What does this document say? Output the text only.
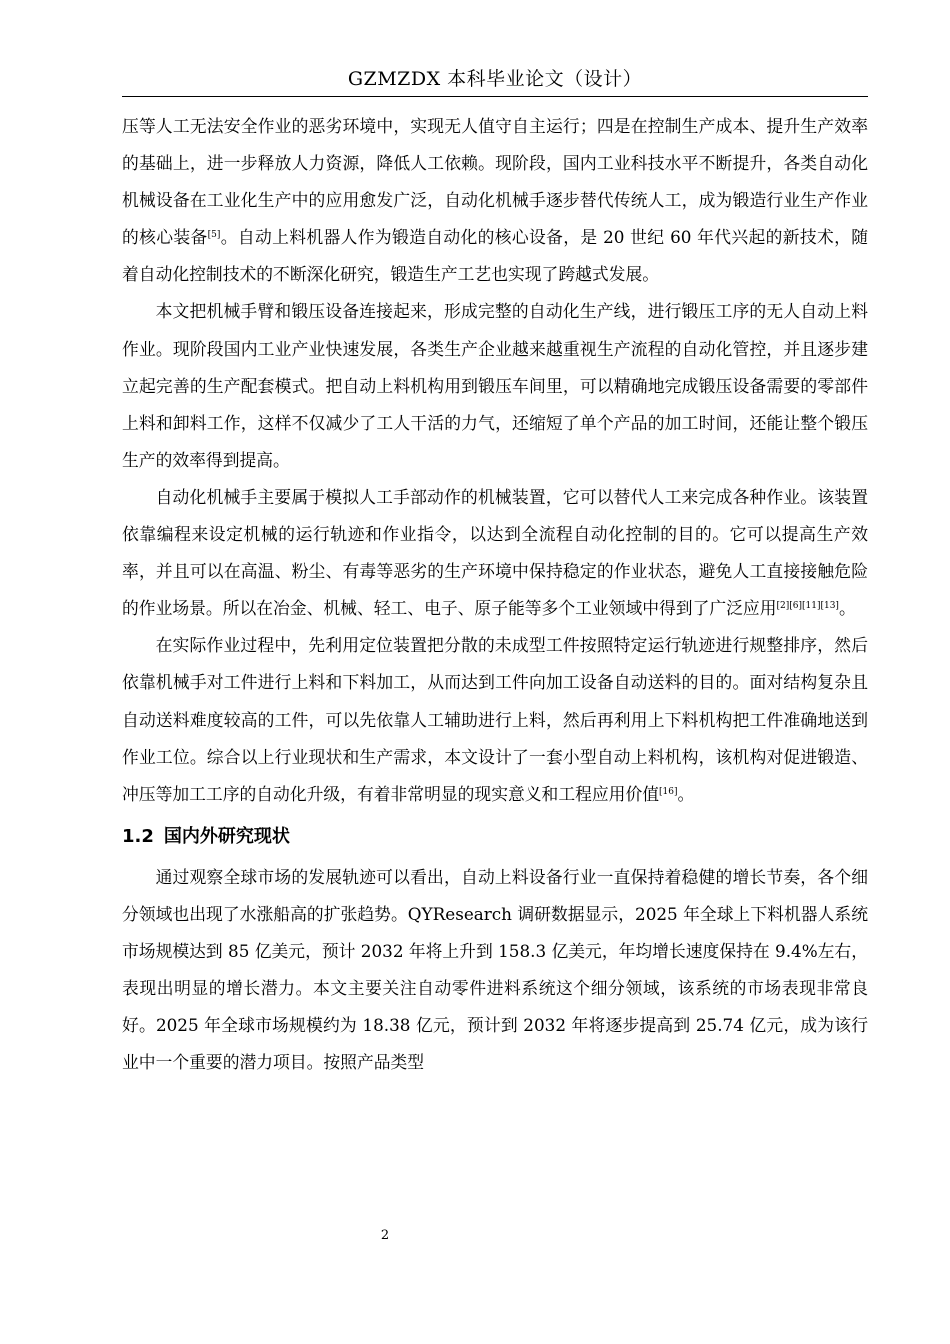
GZMZDX 本科毕业论文（设计）

压等人工无法安全作业的恶劣环境中，实现无人值守自主运行；四是在控制生产成本、提升生产效率的基础上，进一步释放人力资源，降低人工依赖。现阶段，国内工业科技水平不断提升，各类自动化机械设备在工业化生产中的应用愈发广泛，自动化机械手逐步替代传统人工，成为锻造行业生产作业的核心装备[5]。自动上料机器人作为锻造自动化的核心设备，是 20 世纪 60 年代兴起的新技术，随着自动化控制技术的不断深化研究，锻造生产工艺也实现了跨越式发展。

本文把机械手臂和锻压设备连接起来，形成完整的自动化生产线，进行锻压工序的无人自动上料作业。现阶段国内工业产业快速发展，各类生产企业越来越重视生产流程的自动化管控，并且逐步建立起完善的生产配套模式。把自动上料机构用到锻压车间里，可以精确地完成锻压设备需要的零部件上料和卸料工作，这样不仅减少了工人干活的力气，还缩短了单个产品的加工时间，还能让整个锻压生产的效率得到提高。

自动化机械手主要属于模拟人工手部动作的机械装置，它可以替代人工来完成各种作业。该装置依靠编程来设定机械的运行轨迹和作业指令，以达到全流程自动化控制的目的。它可以提高生产效率，并且可以在高温、粉尘、有毒等恶劣的生产环境中保持稳定的作业状态，避免人工直接接触危险的作业场景。所以在冶金、机械、轻工、电子、原子能等多个工业领域中得到了广泛应用[2][6][11][13]。

在实际作业过程中，先利用定位装置把分散的未成型工件按照特定运行轨迹进行规整排序，然后依靠机械手对工件进行上料和下料加工，从而达到工件向加工设备自动送料的目的。面对结构复杂且自动送料难度较高的工件，可以先依靠人工辅助进行上料，然后再利用上下料机构把工件准确地送到作业工位。综合以上行业现状和生产需求，本文设计了一套小型自动上料机构，该机构对促进锻造、冲压等加工工序的自动化升级，有着非常明显的现实意义和工程应用价值[16]。

1.2 国内外研究现状

通过观察全球市场的发展轨迹可以看出，自动上料设备行业一直保持着稳健的增长节奏，各个细分领域也出现了水涨船高的扩张趋势。QYResearch 调研数据显示，2025 年全球上下料机器人系统市场规模达到 85 亿美元，预计 2032 年将上升到 158.3 亿美元，年均增长速度保持在 9.4%左右，表现出明显的增长潜力。本文主要关注自动零件进料系统这个细分领域，该系统的市场表现非常良好。2025 年全球市场规模约为 18.38 亿元，预计到 2032 年将逐步提高到 25.74 亿元，成为该行业中一个重要的潜力项目。按照产品类型

2
